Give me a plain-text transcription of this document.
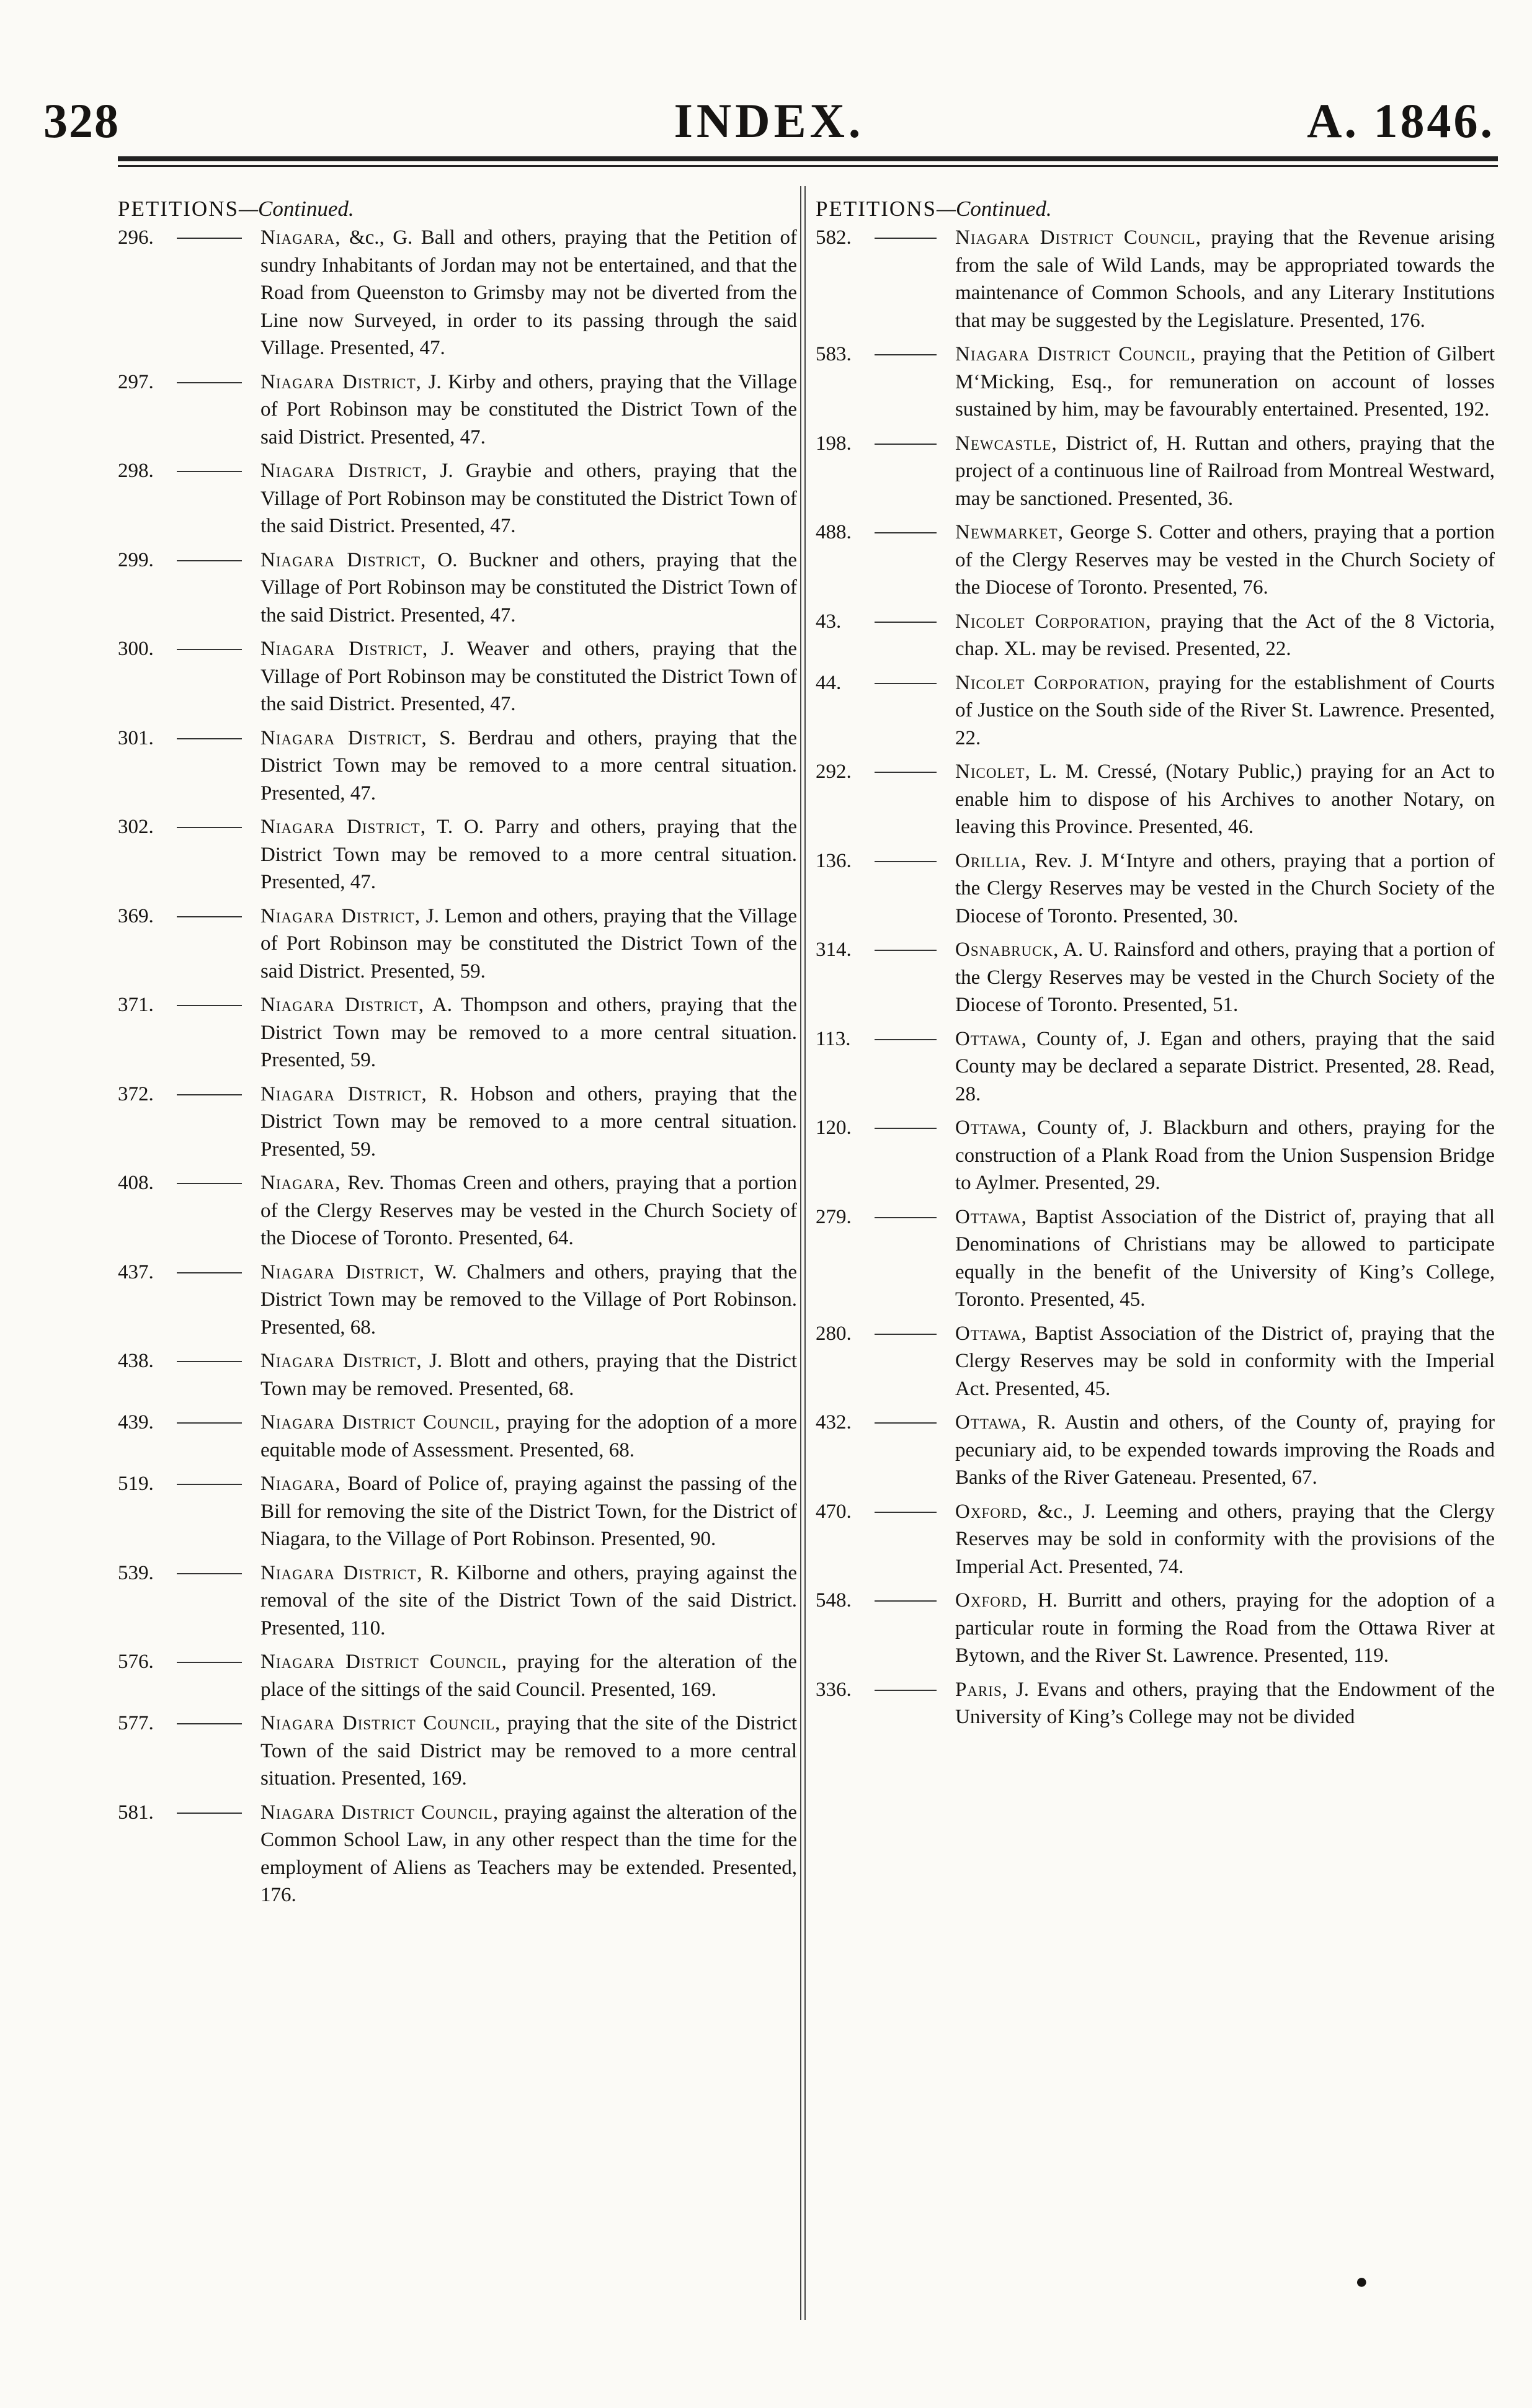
328	INDEX.	A. 1846.
PETITIONS—Continued.
296.	Niagara, &c., G. Ball and others, praying that the Petition of sundry Inhabitants of Jordan may not be entertained, and that the Road from Queenston to Grimsby may not be diverted from the Line now Surveyed, in order to its passing through the said Village. Presented, 47.
297.	Niagara District, J. Kirby and others, praying that the Village of Port Robinson may be constituted the District Town of the said District. Presented, 47.
298.	Niagara District, J. Graybie and others, praying that the Village of Port Robinson may be constituted the District Town of the said District. Presented, 47.
299.	Niagara District, O. Buckner and others, praying that the Village of Port Robinson may be constituted the District Town of the said District. Presented, 47.
300.	Niagara District, J. Weaver and others, praying that the Village of Port Robinson may be constituted the District Town of the said District. Presented, 47.
301.	Niagara District, S. Berdrau and others, praying that the District Town may be removed to a more central situation. Presented, 47.
302.	Niagara District, T. O. Parry and others, praying that the District Town may be removed to a more central situation. Presented, 47.
369.	Niagara District, J. Lemon and others, praying that the Village of Port Robinson may be constituted the District Town of the said District. Presented, 59.
371.	Niagara District, A. Thompson and others, praying that the District Town may be removed to a more central situation. Presented, 59.
372.	Niagara District, R. Hobson and others, praying that the District Town may be removed to a more central situation. Presented, 59.
408.	Niagara, Rev. Thomas Creen and others, praying that a portion of the Clergy Reserves may be vested in the Church Society of the Diocese of Toronto. Presented, 64.
437.	Niagara District, W. Chalmers and others, praying that the District Town may be removed to the Village of Port Robinson. Presented, 68.
438.	Niagara District, J. Blott and others, praying that the District Town may be removed. Presented, 68.
439.	Niagara District Council, praying for the adoption of a more equitable mode of Assessment. Presented, 68.
519.	Niagara, Board of Police of, praying against the passing of the Bill for removing the site of the District Town, for the District of Niagara, to the Village of Port Robinson. Presented, 90.
539.	Niagara District, R. Kilborne and others, praying against the removal of the site of the District Town of the said District. Presented, 110.
576.	Niagara District Council, praying for the alteration of the place of the sittings of the said Council. Presented, 169.
577.	Niagara District Council, praying that the site of the District Town of the said District may be removed to a more central situation. Presented, 169.
581.	Niagara District Council, praying against the alteration of the Common School Law, in any other respect than the time for the employment of Aliens as Teachers may be extended. Presented, 176.
PETITIONS—Continued.
582.	Niagara District Council, praying that the Revenue arising from the sale of Wild Lands, may be appropriated towards the maintenance of Common Schools, and any Literary Institutions that may be suggested by the Legislature. Presented, 176.
583.	Niagara District Council, praying that the Petition of Gilbert M‘Micking, Esq., for remuneration on account of losses sustained by him, may be favourably entertained. Presented, 192.
198.	Newcastle, District of, H. Ruttan and others, praying that the project of a continuous line of Railroad from Montreal Westward, may be sanctioned. Presented, 36.
488.	Newmarket, George S. Cotter and others, praying that a portion of the Clergy Reserves may be vested in the Church Society of the Diocese of Toronto. Presented, 76.
43.	Nicolet Corporation, praying that the Act of the 8 Victoria, chap. XL. may be revised. Presented, 22.
44.	Nicolet Corporation, praying for the establishment of Courts of Justice on the South side of the River St. Lawrence. Presented, 22.
292.	Nicolet, L. M. Cressé, (Notary Public,) praying for an Act to enable him to dispose of his Archives to another Notary, on leaving this Province. Presented, 46.
136.	Orillia, Rev. J. M‘Intyre and others, praying that a portion of the Clergy Reserves may be vested in the Church Society of the Diocese of Toronto. Presented, 30.
314.	Osnabruck, A. U. Rainsford and others, praying that a portion of the Clergy Reserves may be vested in the Church Society of the Diocese of Toronto. Presented, 51.
113.	Ottawa, County of, J. Egan and others, praying that the said County may be declared a separate District. Presented, 28. Read, 28.
120.	Ottawa, County of, J. Blackburn and others, praying for the construction of a Plank Road from the Union Suspension Bridge to Aylmer. Presented, 29.
279.	Ottawa, Baptist Association of the District of, praying that all Denominations of Christians may be allowed to participate equally in the benefit of the University of King’s College, Toronto. Presented, 45.
280.	Ottawa, Baptist Association of the District of, praying that the Clergy Reserves may be sold in conformity with the Imperial Act. Presented, 45.
432.	Ottawa, R. Austin and others, of the County of, praying for pecuniary aid, to be expended towards improving the Roads and Banks of the River Gateneau. Presented, 67.
470.	Oxford, &c., J. Leeming and others, praying that the Clergy Reserves may be sold in conformity with the provisions of the Imperial Act. Presented, 74.
548.	Oxford, H. Burritt and others, praying for the adoption of a particular route in forming the Road from the Ottawa River at Bytown, and the River St. Lawrence. Presented, 119.
336.	Paris, J. Evans and others, praying that the Endowment of the University of King’s College may not be divided
●
